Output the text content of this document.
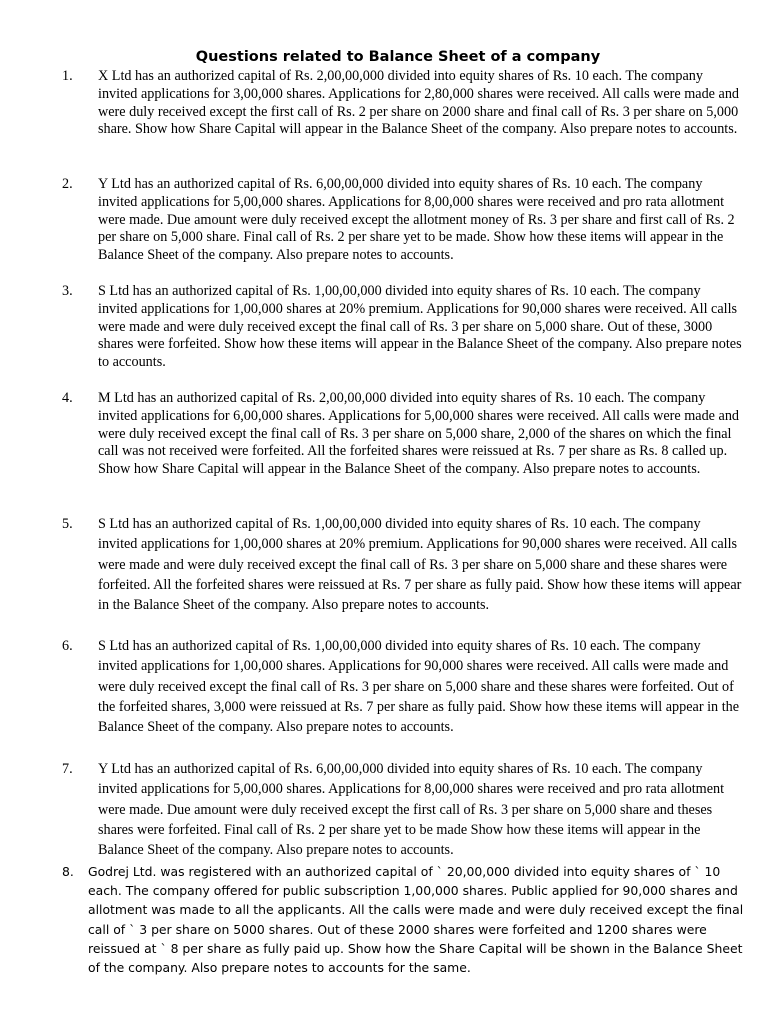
Questions related to Balance Sheet of a company
1. X Ltd has an authorized capital of Rs. 2,00,00,000 divided into equity shares of Rs. 10 each. The company invited applications for 3,00,000 shares. Applications for 2,80,000 shares were received. All calls were made and were duly received except the first call of Rs. 2 per share on 2000 share and final call of Rs. 3 per share on 5,000 share. Show how Share Capital will appear in the Balance Sheet of the company. Also prepare notes to accounts.
2. Y Ltd has an authorized capital of Rs. 6,00,00,000 divided into equity shares of Rs. 10 each. The company invited applications for 5,00,000 shares. Applications for 8,00,000 shares were received and pro rata allotment were made. Due amount were duly received except the allotment money of Rs. 3 per share and first call of Rs. 2 per share on 5,000 share. Final call of Rs. 2 per share yet to be made. Show how these items will appear in the Balance Sheet of the company. Also prepare notes to accounts.
3. S Ltd has an authorized capital of Rs. 1,00,00,000 divided into equity shares of Rs. 10 each. The company invited applications for 1,00,000 shares at 20% premium. Applications for 90,000 shares were received. All calls were made and were duly received except the final call of Rs. 3 per share on 5,000 share. Out of these, 3000 shares were forfeited. Show how these items will appear in the Balance Sheet of the company. Also prepare notes to accounts.
4. M Ltd has an authorized capital of Rs. 2,00,00,000 divided into equity shares of Rs. 10 each. The company invited applications for 6,00,000 shares. Applications for 5,00,000 shares were received. All calls were made and were duly received except the final call of Rs. 3 per share on 5,000 share, 2,000 of the shares on which the final call was not received were forfeited. All the forfeited shares were reissued at Rs. 7 per share as Rs. 8 called up. Show how Share Capital will appear in the Balance Sheet of the company. Also prepare notes to accounts.
5. S Ltd has an authorized capital of Rs. 1,00,00,000 divided into equity shares of Rs. 10 each. The company invited applications for 1,00,000 shares at 20% premium. Applications for 90,000 shares were received. All calls were made and were duly received except the final call of Rs. 3 per share on 5,000 share and these shares were forfeited. All the forfeited shares were reissued at Rs. 7 per share as fully paid. Show how these items will appear in the Balance Sheet of the company. Also prepare notes to accounts.
6. S Ltd has an authorized capital of Rs. 1,00,00,000 divided into equity shares of Rs. 10 each. The company invited applications for 1,00,000 shares. Applications for 90,000 shares were received. All calls were made and were duly received except the final call of Rs. 3 per share on 5,000 share and these shares were forfeited. Out of the forfeited shares, 3,000 were reissued at Rs. 7 per share as fully paid. Show how these items will appear in the Balance Sheet of the company. Also prepare notes to accounts.
7. Y Ltd has an authorized capital of Rs. 6,00,00,000 divided into equity shares of Rs. 10 each. The company invited applications for 5,00,000 shares. Applications for 8,00,000 shares were received and pro rata allotment were made. Due amount were duly received except the first call of Rs. 3 per share on 5,000 share and theses shares were forfeited. Final call of Rs. 2 per share yet to be made Show how these items will appear in the Balance Sheet of the company. Also prepare notes to accounts.
8. Godrej Ltd. was registered with an authorized capital of ` 20,00,000 divided into equity shares of ` 10 each. The company offered for public subscription 1,00,000 shares. Public applied for 90,000 shares and allotment was made to all the applicants. All the calls were made and were duly received except the final call of ` 3 per share on 5000 shares. Out of these 2000 shares were forfeited and 1200 shares were reissued at ` 8 per share as fully paid up. Show how the Share Capital will be shown in the Balance Sheet of the company. Also prepare notes to accounts for the same.
